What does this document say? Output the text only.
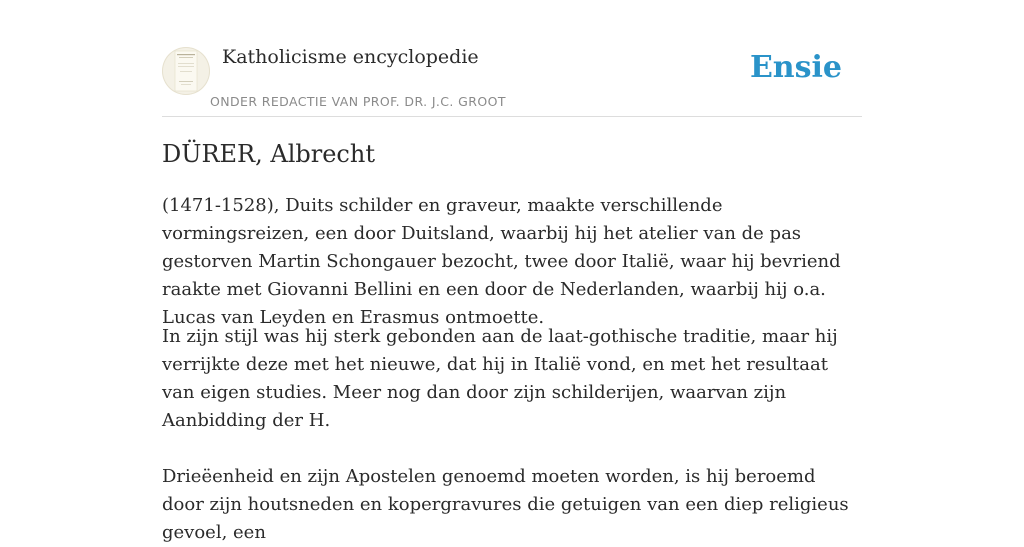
Katholicisme encyclopedie
ONDER REDACTIE VAN PROF. DR. J.C. GROOT
Ensie
DÜRER, Albrecht

(1471-1528), Duits schilder en graveur, maakte verschillende vormingsreizen, een door Duitsland, waarbij hij het atelier van de pas gestorven Martin Schongauer bezocht, twee door Italië, waar hij bevriend raakte met Giovanni Bellini en een door de Nederlanden, waarbij hij o.a. Lucas van Leyden en Erasmus ontmoette.

In zijn stijl was hij sterk gebonden aan de laat-gothische traditie, maar hij verrijkte deze met het nieuwe, dat hij in Italië vond, en met het resultaat van eigen studies. Meer nog dan door zijn schilderijen, waarvan zijn Aanbidding der H.

Drieëenheid en zijn Apostelen genoemd moeten worden, is hij beroemd door zijn houtsneden en kopergravures die getuigen van een diep religieus gevoel, een
